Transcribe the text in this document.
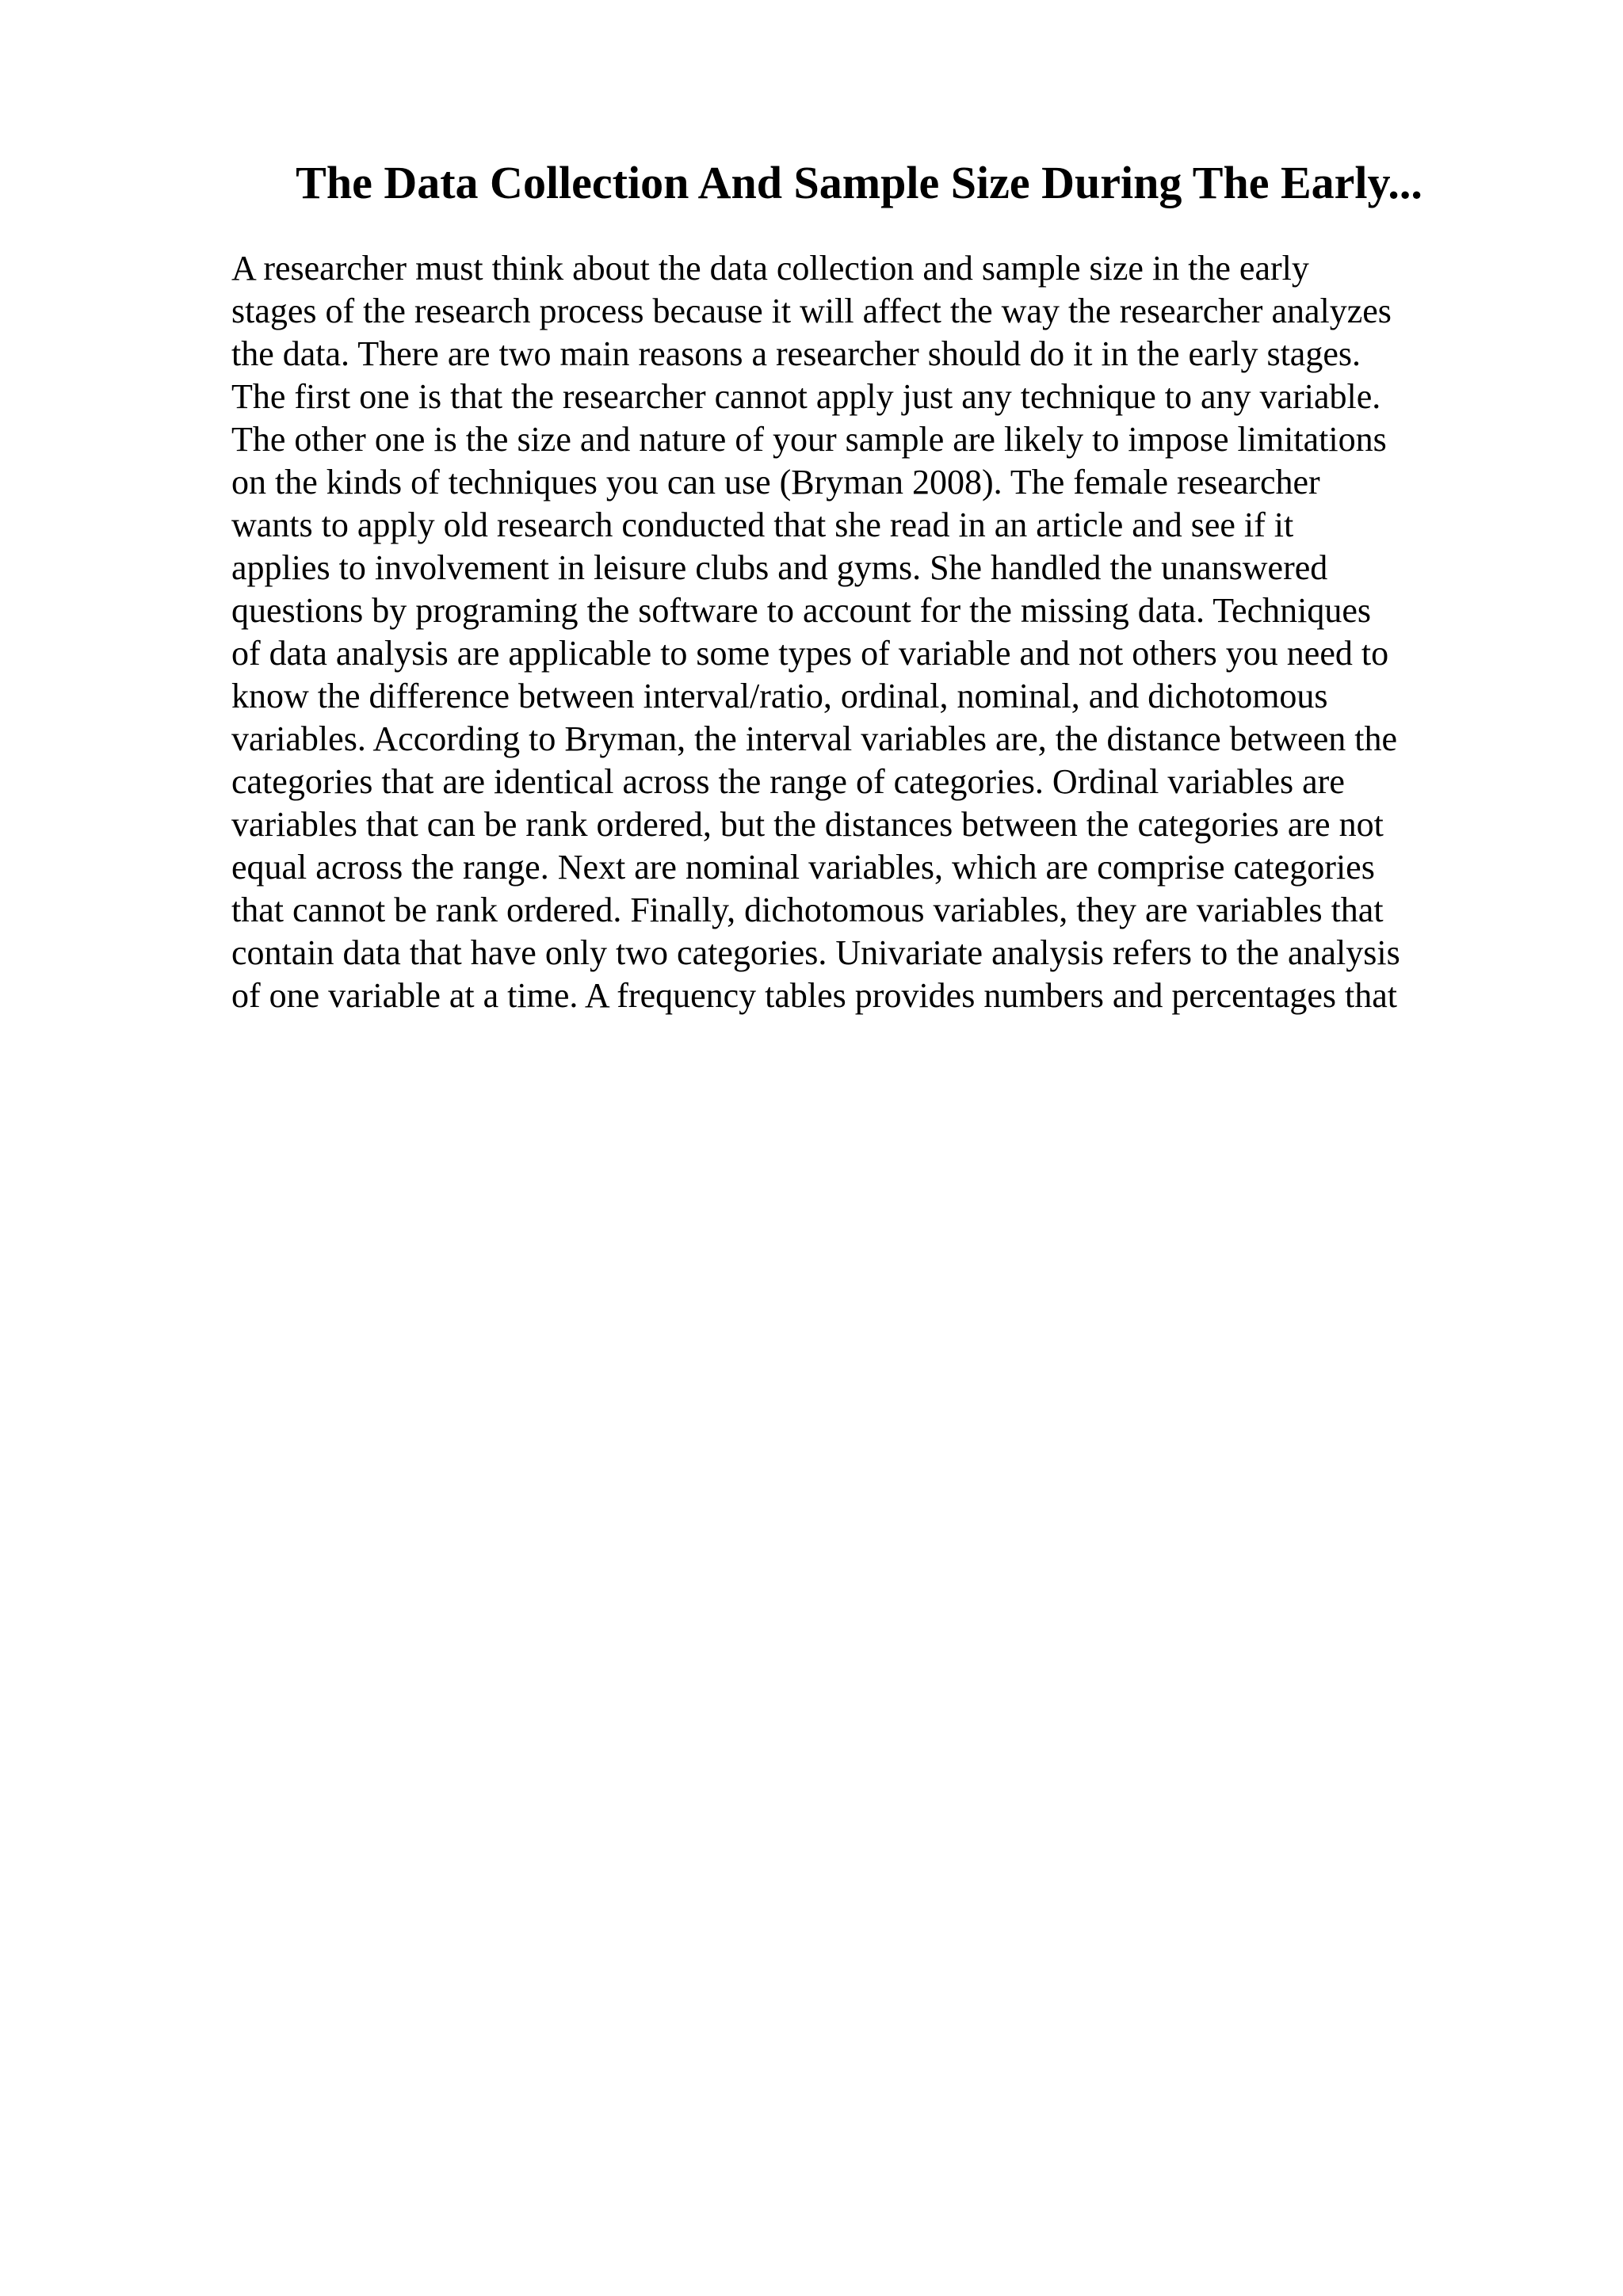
The Data Collection And Sample Size During The Early...
A researcher must think about the data collection and sample size in the early
stages of the research process because it will affect the way the researcher analyzes
the data. There are two main reasons a researcher should do it in the early stages.
The first one is that the researcher cannot apply just any technique to any variable.
The other one is the size and nature of your sample are likely to impose limitations
on the kinds of techniques you can use (Bryman 2008). The female researcher
wants to apply old research conducted that she read in an article and see if it
applies to involvement in leisure clubs and gyms. She handled the unanswered
questions by programing the software to account for the missing data. Techniques
of data analysis are applicable to some types of variable and not others you need to
know the difference between interval/ratio, ordinal, nominal, and dichotomous
variables. According to Bryman, the interval variables are, the distance between the
categories that are identical across the range of categories. Ordinal variables are
variables that can be rank ordered, but the distances between the categories are not
equal across the range. Next are nominal variables, which are comprise categories
that cannot be rank ordered. Finally, dichotomous variables, they are variables that
contain data that have only two categories. Univariate analysis refers to the analysis
of one variable at a time. A frequency tables provides numbers and percentages that
